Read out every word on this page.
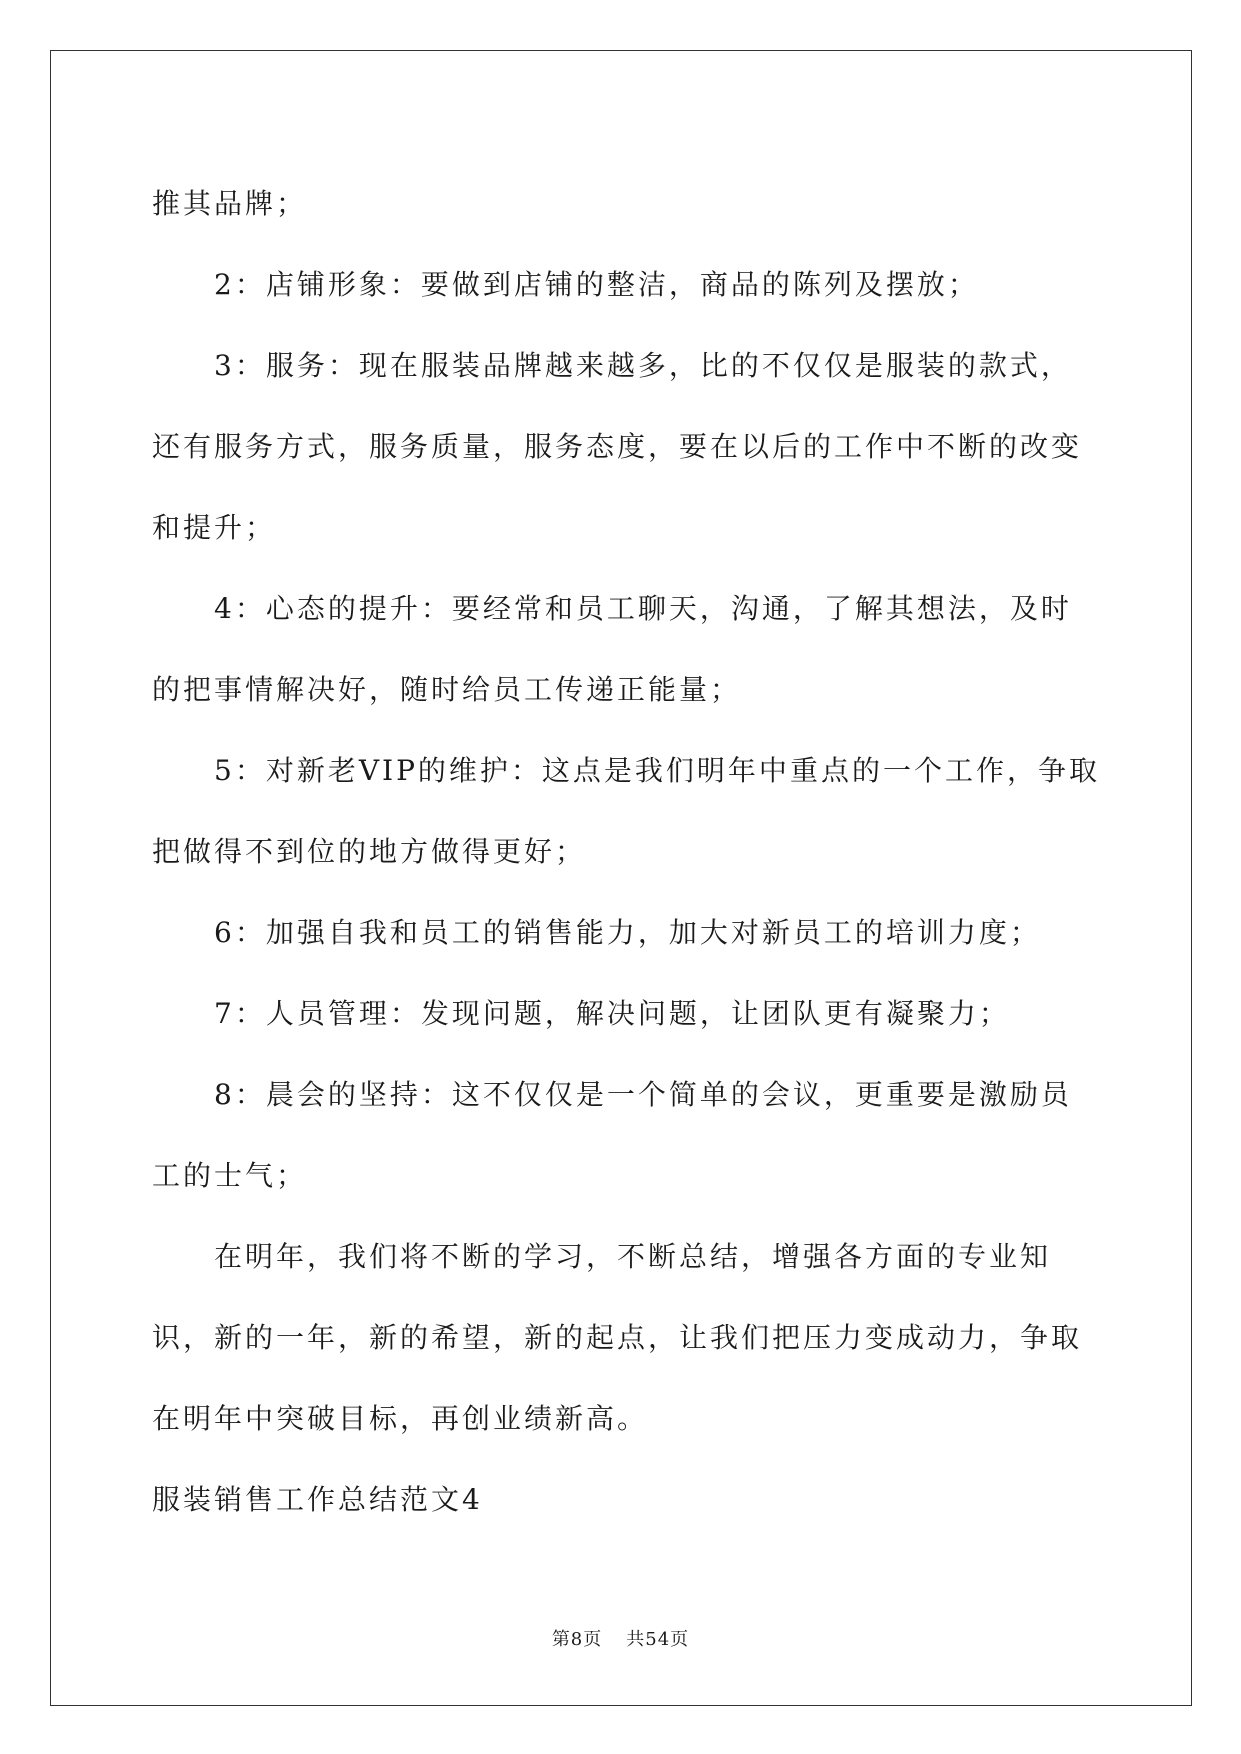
推其品牌；

2：店铺形象：要做到店铺的整洁，商品的陈列及摆放；

3：服务：现在服装品牌越来越多，比的不仅仅是服装的款式，还有服务方式，服务质量，服务态度，要在以后的工作中不断的改变和提升；

4：心态的提升：要经常和员工聊天，沟通，了解其想法，及时的把事情解决好，随时给员工传递正能量；

5：对新老VIP的维护：这点是我们明年中重点的一个工作，争取把做得不到位的地方做得更好；

6：加强自我和员工的销售能力，加大对新员工的培训力度；

7：人员管理：发现问题，解决问题，让团队更有凝聚力；

8：晨会的坚持：这不仅仅是一个简单的会议，更重要是激励员工的士气；

在明年，我们将不断的学习，不断总结，增强各方面的专业知识，新的一年，新的希望，新的起点，让我们把压力变成动力，争取在明年中突破目标，再创业绩新高。

服装销售工作总结范文4

第8页 共54页
